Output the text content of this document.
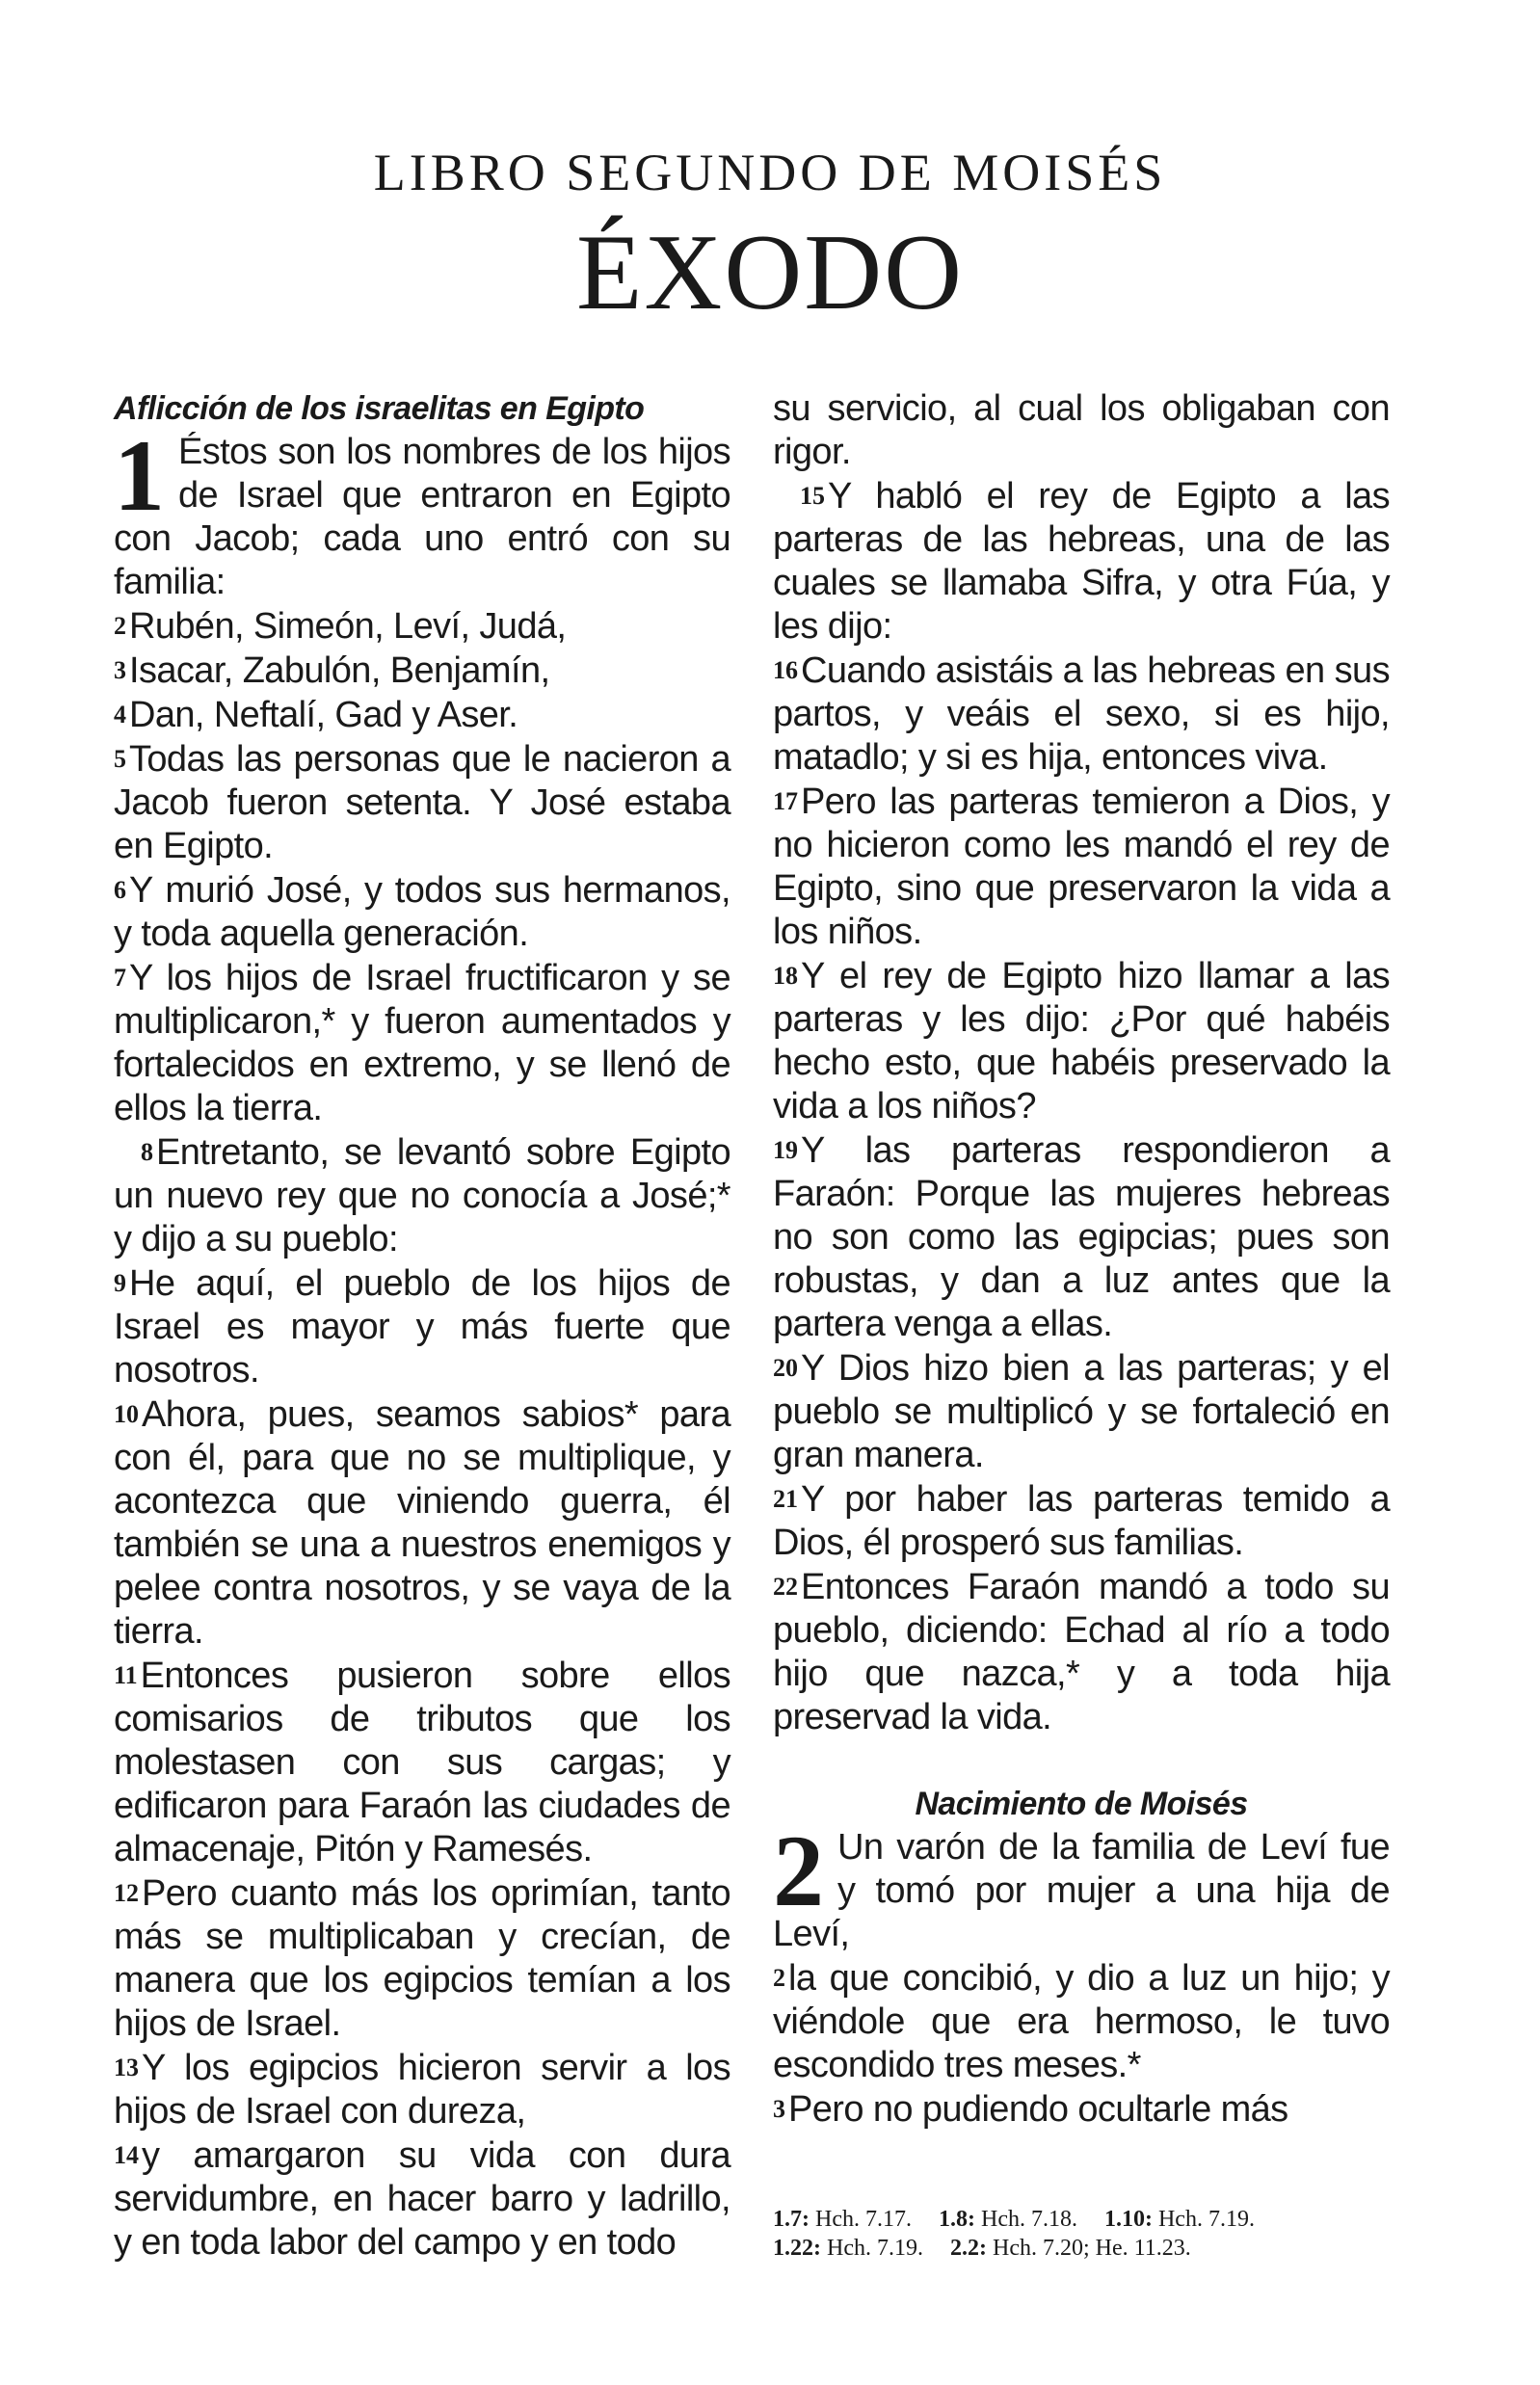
LIBRO SEGUNDO DE MOISÉS
ÉXODO

Aflicción de los israelitas en Egipto

1 Éstos son los nombres de los hijos de Israel que entraron en Egipto con Jacob; cada uno entró con su familia:

2Rubén, Simeón, Leví, Judá,

3Isacar, Zabulón, Benjamín,

4Dan, Neftalí, Gad y Aser.

5Todas las personas que le nacieron a Jacob fueron setenta. Y José estaba en Egipto.

6Y murió José, y todos sus hermanos, y toda aquella generación.

7Y los hijos de Israel fructificaron y se multiplicaron,* y fueron aumentados y fortalecidos en extremo, y se llenó de ellos la tierra.

8Entretanto, se levantó sobre Egipto un nuevo rey que no conocía a José;* y dijo a su pueblo:

9He aquí, el pueblo de los hijos de Israel es mayor y más fuerte que nosotros.

10Ahora, pues, seamos sabios* para con él, para que no se multiplique, y acontezca que viniendo guerra, él también se una a nuestros enemigos y pelee contra nosotros, y se vaya de la tierra.

11Entonces pusieron sobre ellos comisarios de tributos que los molestasen con sus cargas; y edificaron para Faraón las ciudades de almacenaje, Pitón y Ramesés.

12Pero cuanto más los oprimían, tanto más se multiplicaban y crecían, de manera que los egipcios temían a los hijos de Israel.

13Y los egipcios hicieron servir a los hijos de Israel con dureza,

14y amargaron su vida con dura servidumbre, en hacer barro y ladrillo, y en toda labor del campo y en todo

su servicio, al cual los obligaban con rigor.

15Y habló el rey de Egipto a las parteras de las hebreas, una de las cuales se llamaba Sifra, y otra Fúa, y les dijo:

16Cuando asistáis a las hebreas en sus partos, y veáis el sexo, si es hijo, matadlo; y si es hija, entonces viva.

17Pero las parteras temieron a Dios, y no hicieron como les mandó el rey de Egipto, sino que preservaron la vida a los niños.

18Y el rey de Egipto hizo llamar a las parteras y les dijo: ¿Por qué habéis hecho esto, que habéis preservado la vida a los niños?

19Y las parteras respondieron a Faraón: Porque las mujeres hebreas no son como las egipcias; pues son robustas, y dan a luz antes que la partera venga a ellas.

20Y Dios hizo bien a las parteras; y el pueblo se multiplicó y se fortaleció en gran manera.

21Y por haber las parteras temido a Dios, él prosperó sus familias.

22Entonces Faraón mandó a todo su pueblo, diciendo: Echad al río a todo hijo que nazca,* y a toda hija preservad la vida.

Nacimiento de Moisés

2 Un varón de la familia de Leví fue y tomó por mujer a una hija de Leví,

2la que concibió, y dio a luz un hijo; y viéndole que era hermoso, le tuvo escondido tres meses.*

3Pero no pudiendo ocultarle más

1.7: Hch. 7.17. 1.8: Hch. 7.18. 1.10: Hch. 7.19.

1.22: Hch. 7.19. 2.2: Hch. 7.20; He. 11.23.
